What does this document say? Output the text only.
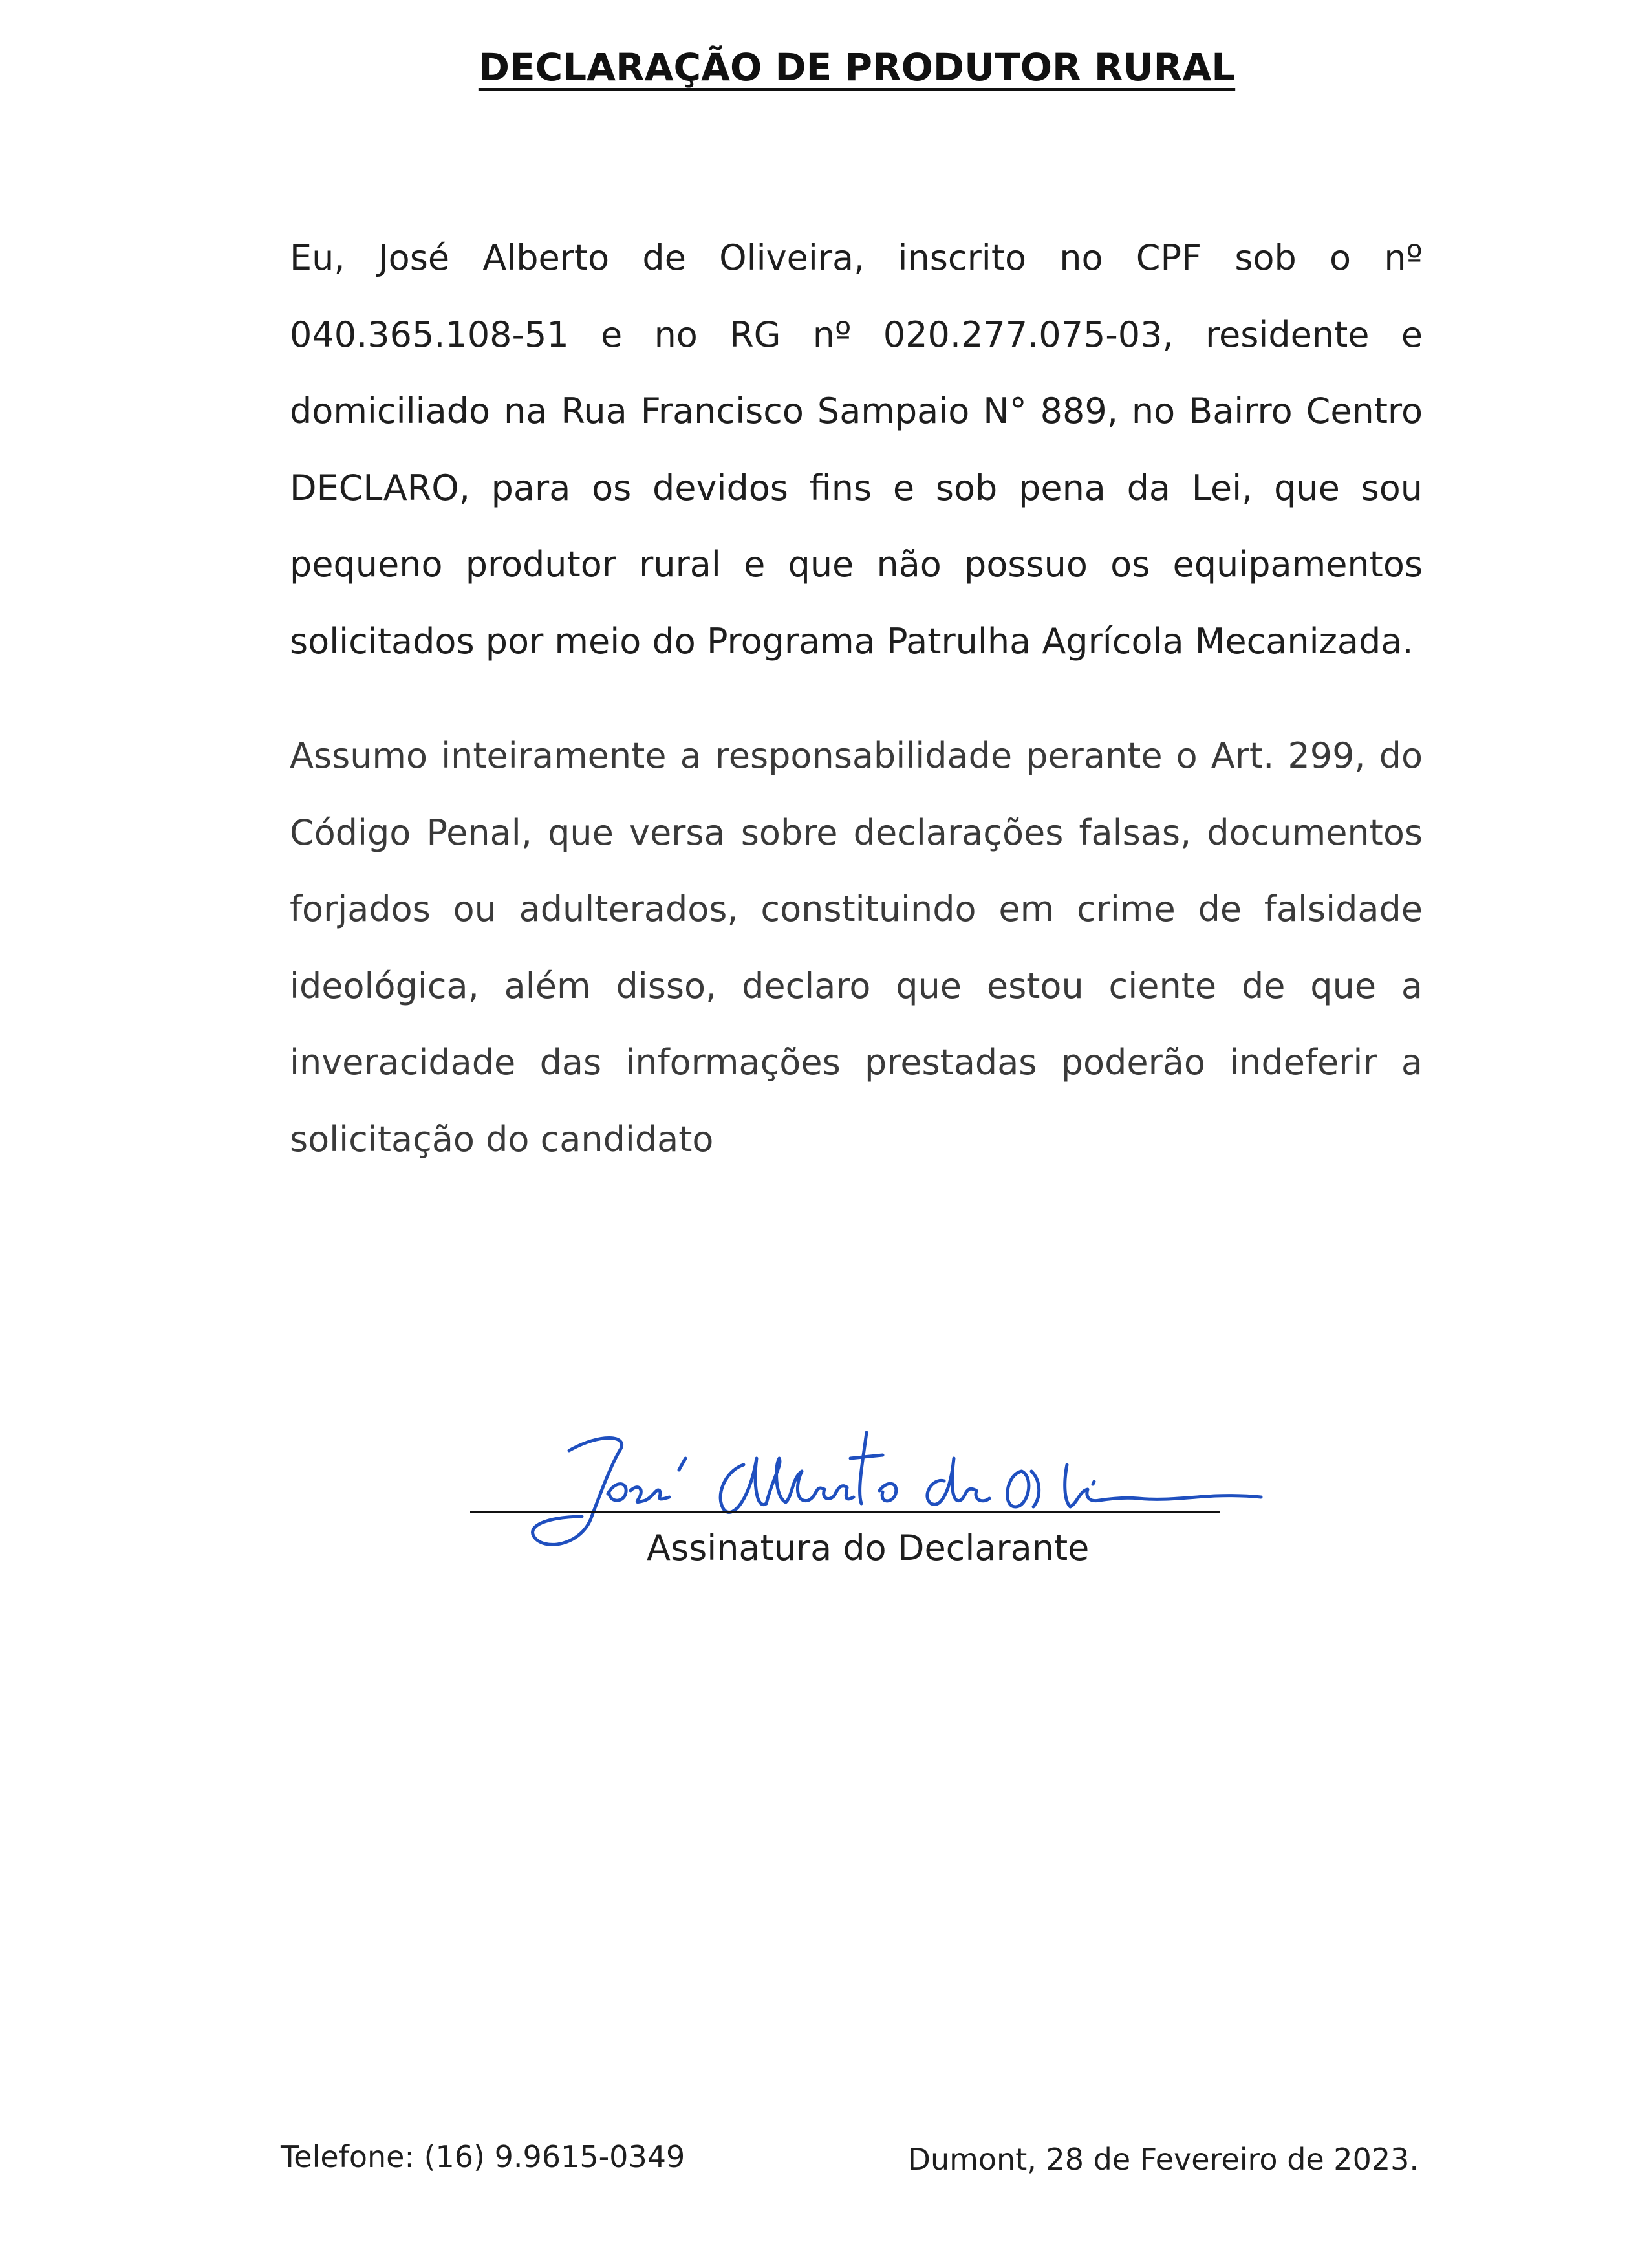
DECLARAÇÃO DE PRODUTOR RURAL

Eu, José Alberto de Oliveira, inscrito no CPF sob o nº 040.365.108-51 e no RG nº 020.277.075-03, residente e domiciliado na Rua Francisco Sampaio N° 889, no Bairro Centro DECLARO, para os devidos fins e sob pena da Lei, que sou pequeno produtor rural e que não possuo os equipamentos solicitados por meio do Programa Patrulha Agrícola Mecanizada.

Assumo inteiramente a responsabilidade perante o Art. 299, do Código Penal, que versa sobre declarações falsas, documentos forjados ou adulterados, constituindo em crime de falsidade ideológica, além disso, declaro que estou ciente de que a inveracidade das informações prestadas poderão indeferir a solicitação do candidato

Assinatura do Declarante
Telefone: (16) 9.9615-0349	Dumont, 28 de Fevereiro de 2023.
